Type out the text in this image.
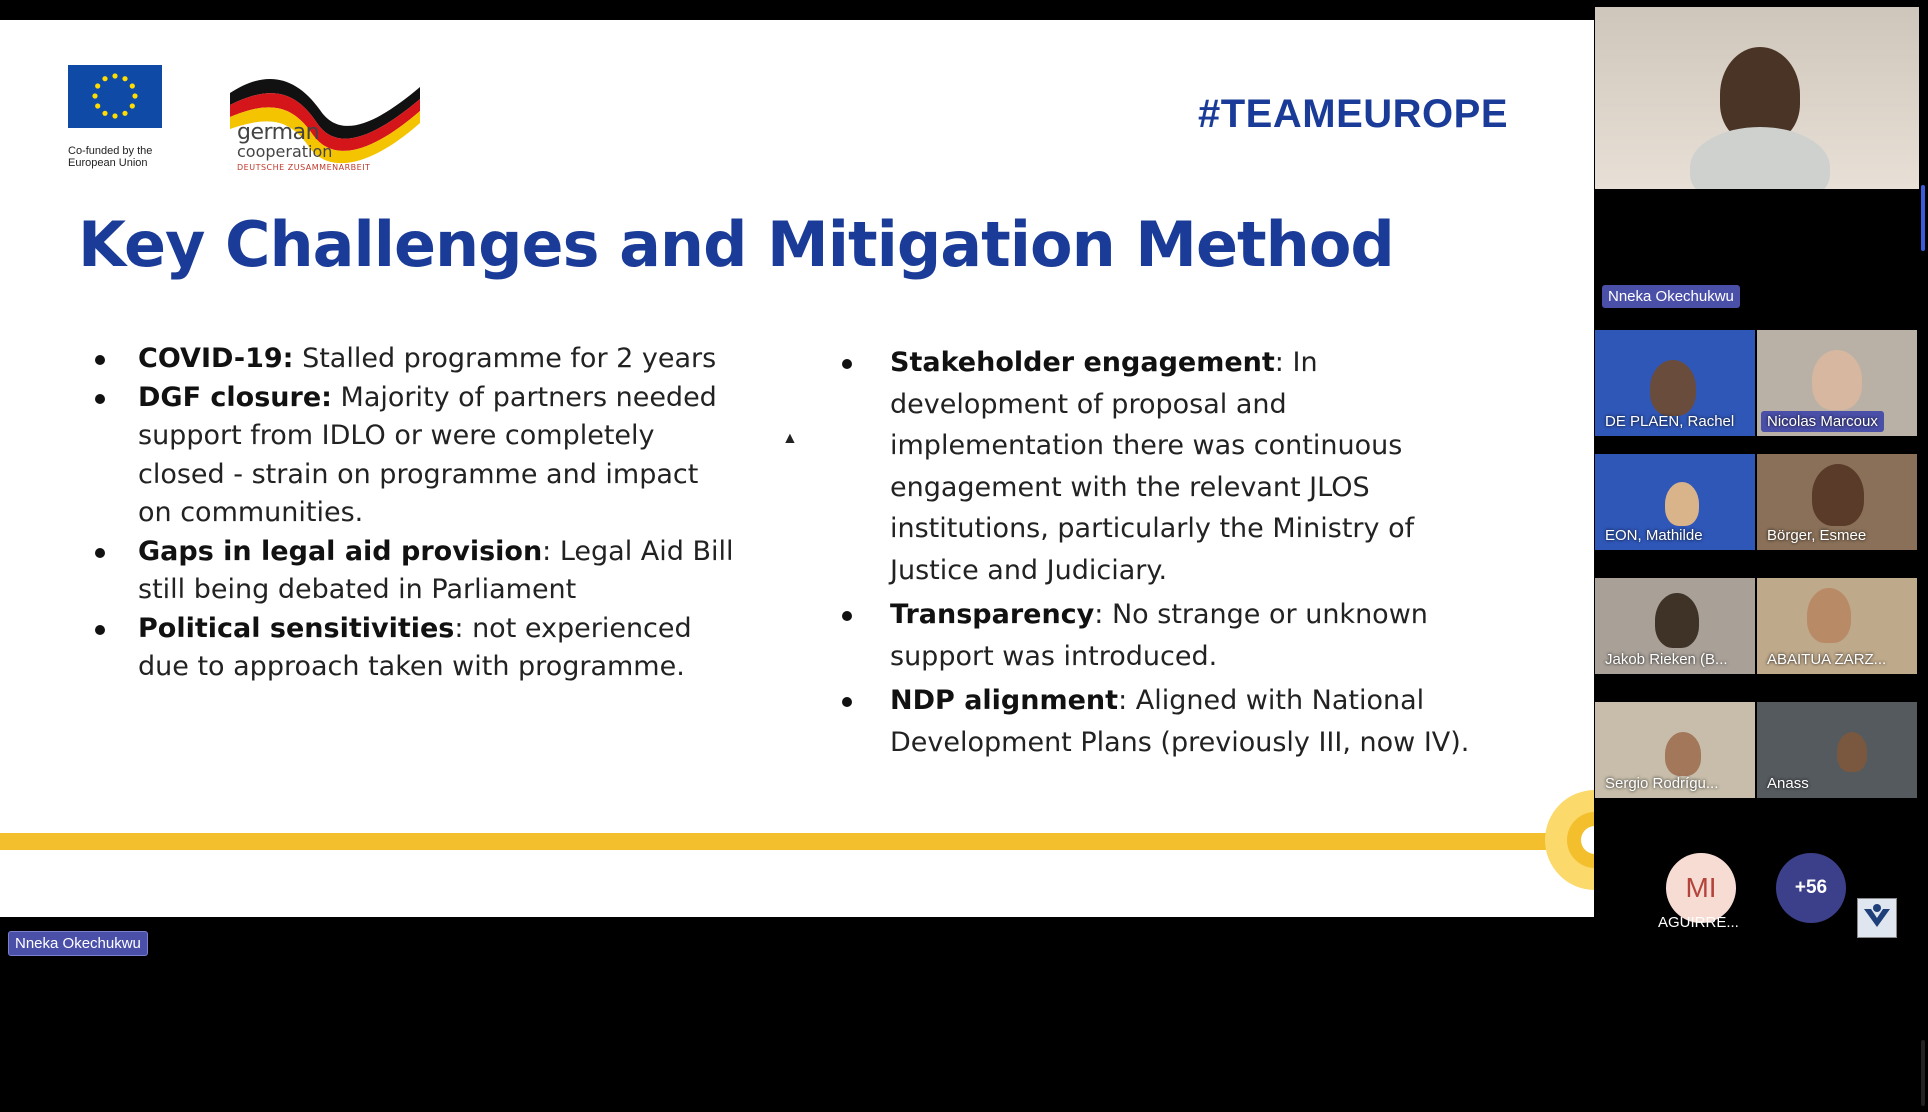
Co-funded by the European Union
german
cooperation
DEUTSCHE ZUSAMMENARBEIT
#TEAMEUROPE
Key Challenges and Mitigation Method
COVID-19: Stalled programme for 2 years
DGF closure: Majority of partners needed support from IDLO or were completely closed - strain on programme and impact on communities.
Gaps in legal aid provision: Legal Aid Bill still being debated in Parliament
Political sensitivities: not experienced due to approach taken with programme.
Stakeholder engagement: In development of proposal and implementation there was continuous engagement with the relevant JLOS institutions, particularly the Ministry of Justice and Judiciary.
Transparency: No strange or unknown support was introduced.
NDP alignment: Aligned with National Development Plans (previously III, now IV).
▲
Nneka Okechukwu
Nneka Okechukwu
DE PLAEN, Rachel	Nicolas Marcoux
EON, Mathilde	Börger, Esmee
Jakob Rieken (B...	ABAITUA ZARZ...
Sergio Rodrígu...	Anass
MI
AGUIRRE...
+56
